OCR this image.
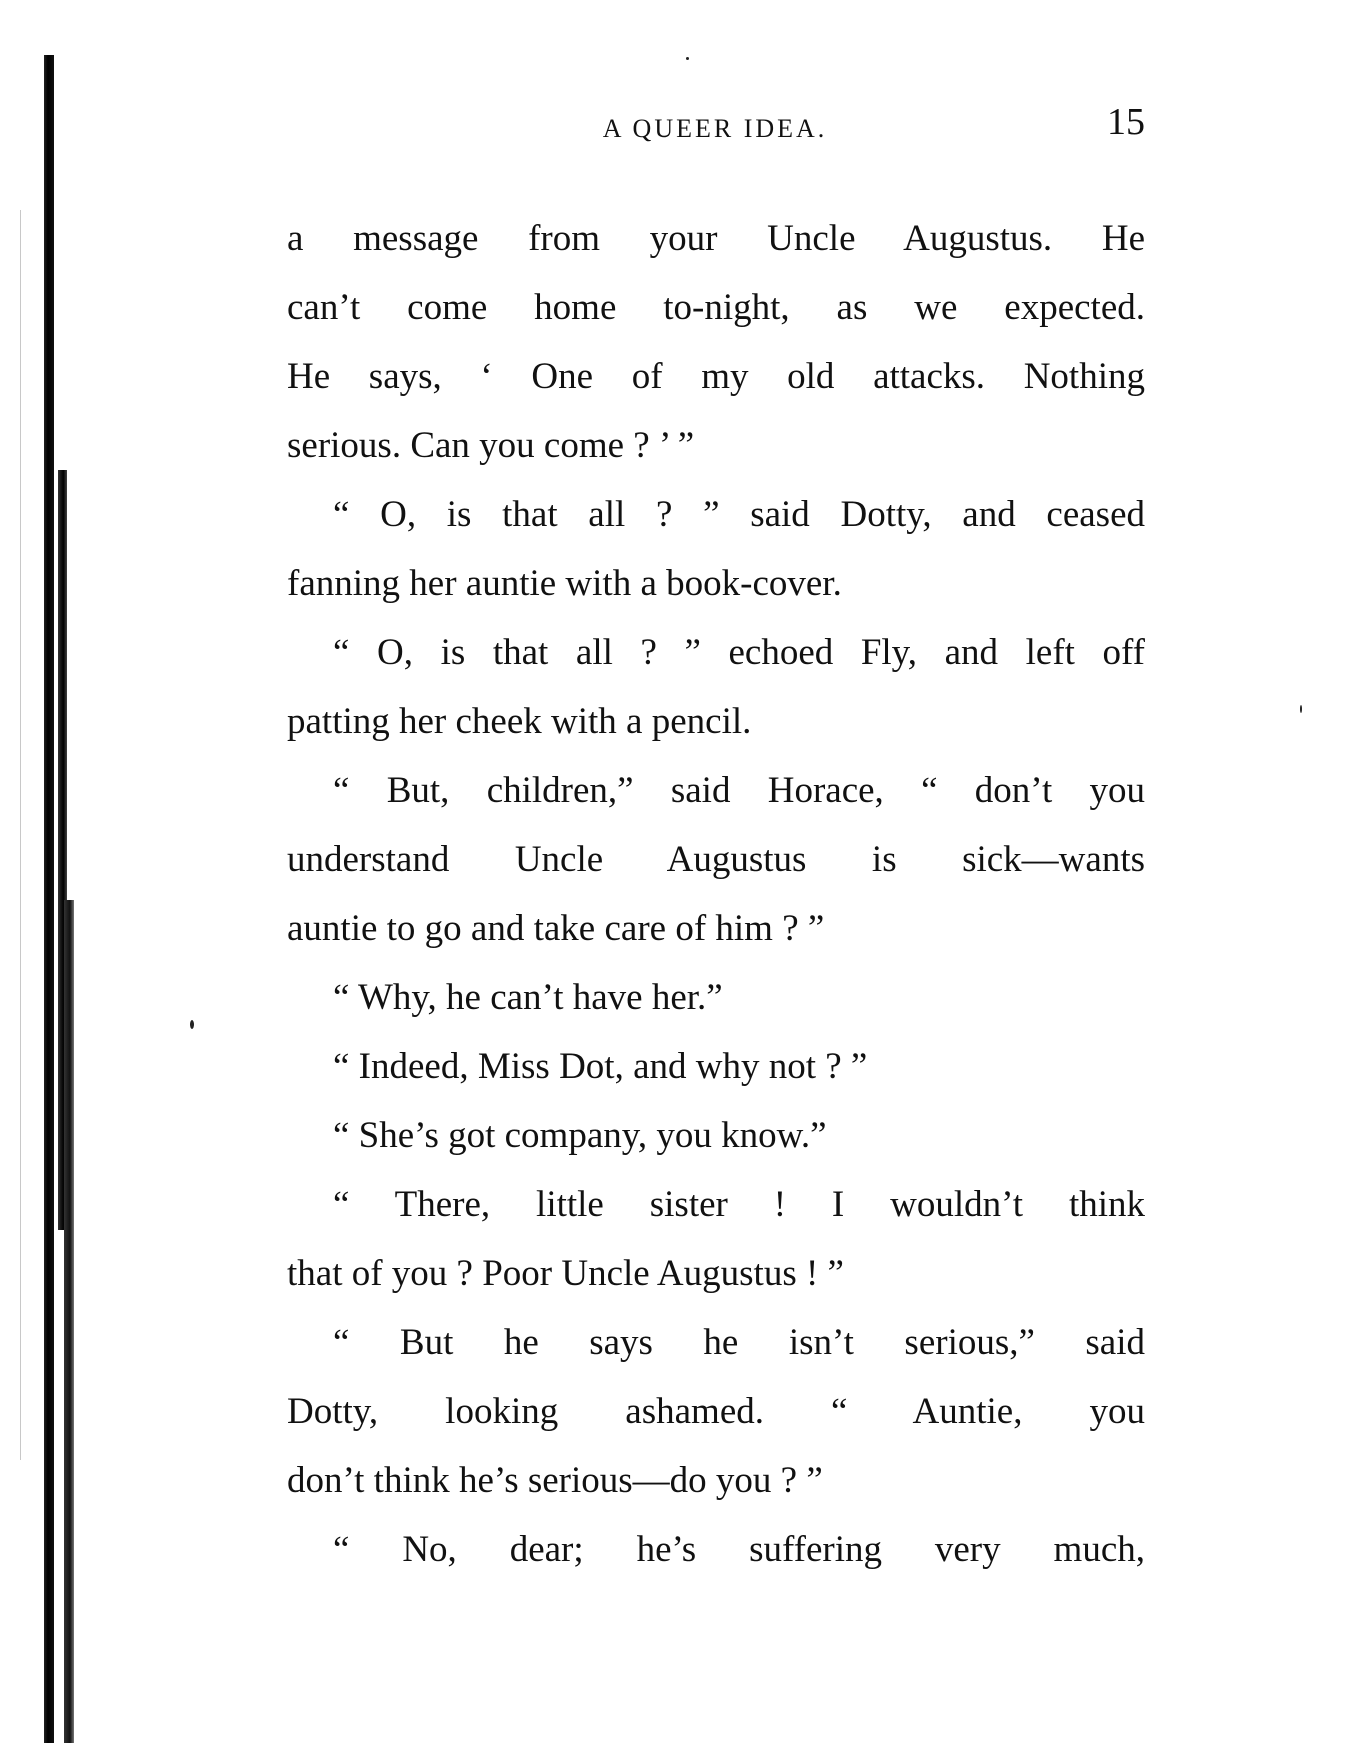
A QUEER IDEA.	15
a message from your Uncle Augustus. He
can’t come home to-night, as we expected.
He says, ‘ One of my old attacks. Nothing
serious. Can you come ? ’ ”
“ O, is that all ? ” said Dotty, and ceased
fanning her auntie with a book-cover.
“ O, is that all ? ” echoed Fly, and left off
patting her cheek with a pencil.
“ But, children,” said Horace, “ don’t you
understand Uncle Augustus is sick—wants
auntie to go and take care of him ? ”
“ Why, he can’t have her.”
“ Indeed, Miss Dot, and why not ? ”
“ She’s got company, you know.”
“ There, little sister ! I wouldn’t think
that of you ? Poor Uncle Augustus ! ”
“ But he says he isn’t serious,” said
Dotty, looking ashamed. “ Auntie, you
don’t think he’s serious—do you ? ”
“ No, dear; he’s suffering very much,
